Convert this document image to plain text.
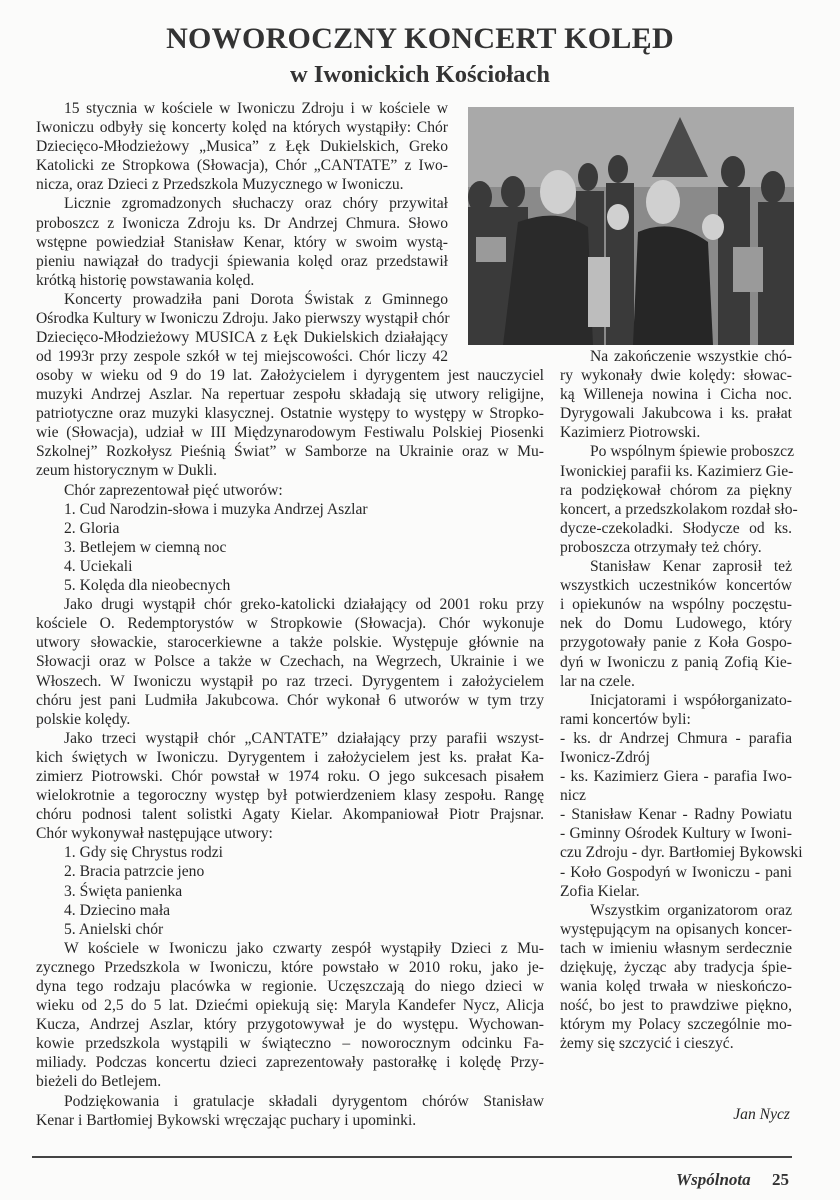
NOWOROCZNY KONCERT KOLĘD
w Iwonickich Kościołach
15 stycznia w kościele w Iwoniczu Zdroju i w kościele w
Iwoniczu odbyły się koncerty kolęd na których wystąpiły: Chór
Dziecięco-Młodzieżowy „Musica” z Łęk Dukielskich, Greko
Katolicki ze Stropkowa (Słowacja), Chór „CANTATE” z Iwo-
nicza, oraz Dzieci z Przedszkola Muzycznego w Iwoniczu.
Licznie zgromadzonych słuchaczy oraz chóry przywitał
proboszcz z Iwonicza Zdroju ks. Dr Andrzej Chmura. Słowo
wstępne powiedział Stanisław Kenar, który w swoim wystą-
pieniu nawiązał do tradycji śpiewania kolęd oraz przedstawił
krótką historię powstawania kolęd.
Koncerty prowadziła pani Dorota Świstak z Gminnego
Ośrodka Kultury w Iwoniczu Zdroju. Jako pierwszy wystąpił chór
Dziecięco-Młodzieżowy MUSICA z Łęk Dukielskich działający
od 1993r przy zespole szkół w tej miejscowości. Chór liczy 42
osoby w wieku od 9 do 19 lat. Założycielem i dyrygentem jest nauczyciel
muzyki Andrzej Aszlar. Na repertuar zespołu składają się utwory religijne,
patriotyczne oraz muzyki klasycznej. Ostatnie występy to występy w Stropko-
wie (Słowacja), udział w III Międzynarodowym Festiwalu Polskiej Piosenki
Szkolnej” Rozkołysz Pieśnią Świat” w Samborze na Ukrainie oraz w Mu-
zeum historycznym w Dukli.
Chór zaprezentował pięć utworów:
1. Cud Narodzin-słowa i muzyka Andrzej Aszlar
2. Gloria
3. Betlejem w ciemną noc
4. Uciekali
5. Kolęda dla nieobecnych
Jako drugi wystąpił chór greko-katolicki działający od 2001 roku przy
kościele O. Redemptorystów w Stropkowie (Słowacja). Chór wykonuje
utwory słowackie, starocerkiewne a także polskie. Występuje głównie na
Słowacji oraz w Polsce a także w Czechach, na Wegrzech, Ukrainie i we
Włoszech. W Iwoniczu wystąpił po raz trzeci. Dyrygentem i założycielem
chóru jest pani Ludmiła Jakubcowa. Chór wykonał 6 utworów w tym trzy
polskie kolędy.
Jako trzeci wystąpił chór „CANTATE” działający przy parafii wszyst-
kich świętych w Iwoniczu. Dyrygentem i założycielem jest ks. prałat Ka-
zimierz Piotrowski. Chór powstał w 1974 roku. O jego sukcesach pisałem
wielokrotnie a tegoroczny występ był potwierdzeniem klasy zespołu. Rangę
chóru podnosi talent solistki Agaty Kielar. Akompaniował Piotr Prajsnar.
Chór wykonywał następujące utwory:
1. Gdy się Chrystus rodzi
2. Bracia patrzcie jeno
3. Święta panienka
4. Dziecino mała
5. Anielski chór
W kościele w Iwoniczu jako czwarty zespół wystąpiły Dzieci z Mu-
zycznego Przedszkola w Iwoniczu, które powstało w 2010 roku, jako je-
dyna tego rodzaju placówka w regionie. Uczęszczają do niego dzieci w
wieku od 2,5 do 5 lat. Dziećmi opiekują się: Maryla Kandefer Nycz, Alicja
Kucza, Andrzej Aszlar, który przygotowywał je do występu. Wychowan-
kowie przedszkola wystąpili w świąteczno – noworocznym odcinku Fa-
miliady. Podczas koncertu dzieci zaprezentowały pastorałkę i kolędę Przy-
bieżeli do Betlejem.
Podziękowania i gratulacje składali dyrygentom chórów Stanisław
Kenar i Bartłomiej Bykowski wręczając puchary i upominki.
Na zakończenie wszystkie chó-
ry wykonały dwie kolędy: słowac-
ką Willeneja nowina i Cicha noc.
Dyrygowali Jakubcowa i ks. prałat
Kazimierz Piotrowski.
Po wspólnym śpiewie proboszcz
Iwonickiej parafii ks. Kazimierz Gie-
ra podziękował chórom za piękny
koncert, a przedszkolakom rozdał sło-
dycze-czekoladki. Słodycze od ks.
proboszcza otrzymały też chóry.
Stanisław Kenar zaprosił też
wszystkich uczestników koncertów
i opiekunów na wspólny poczęstu-
nek do Domu Ludowego, który
przygotowały panie z Koła Gospo-
dyń w Iwoniczu z panią Zofią Kie-
lar na czele.
Inicjatorami i współorganizato-
rami koncertów byli:
- ks. dr Andrzej Chmura - parafia
Iwonicz-Zdrój
- ks. Kazimierz Giera - parafia Iwo-
nicz
- Stanisław Kenar - Radny Powiatu
- Gminny Ośrodek Kultury w Iwoni-
czu Zdroju - dyr. Bartłomiej Bykowski
- Koło Gospodyń w Iwoniczu - pani
Zofia Kielar.
Wszystkim organizatorom oraz
występującym na opisanych koncer-
tach w imieniu własnym serdecznie
dziękuję, życząc aby tradycja śpie-
wania kolęd trwała w nieskończo-
ność, bo jest to prawdziwe piękno,
którym my Polacy szczególnie mo-
żemy się szczycić i cieszyć.
Jan Nycz
Wspólnota 25
